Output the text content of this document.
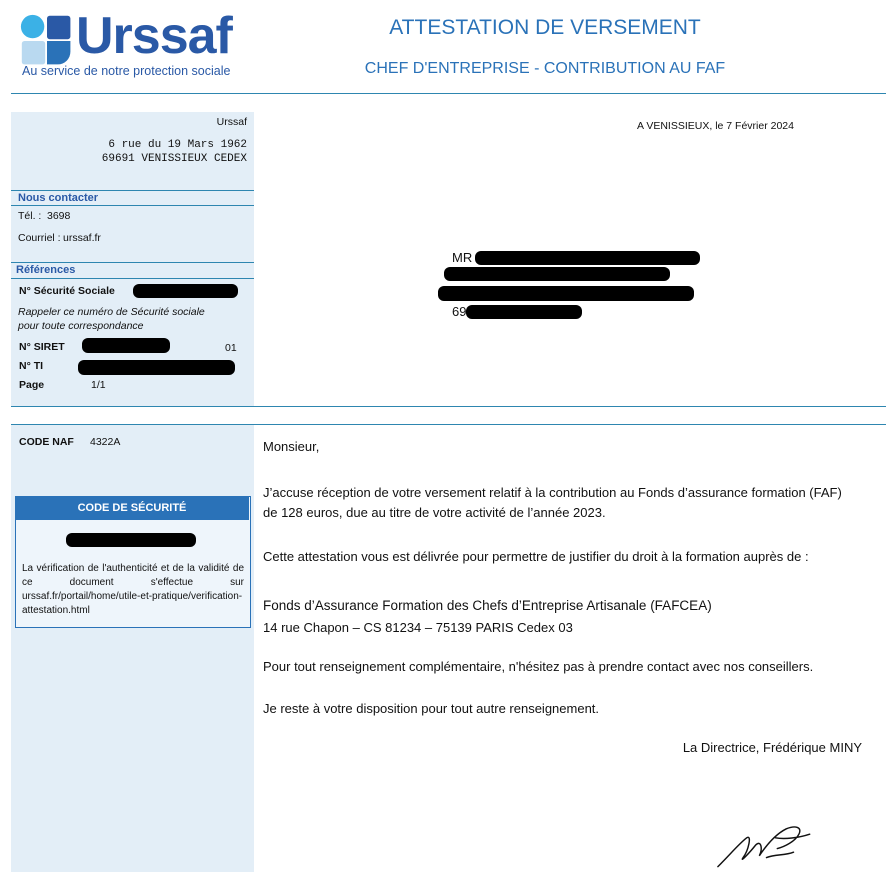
Urssaf
Au service de notre protection sociale
ATTESTATION DE VERSEMENT
CHEF D'ENTREPRISE - CONTRIBUTION AU FAF
Urssaf
6 rue du 19 Mars 1962
69691 VENISSIEUX CEDEX
Nous contacter
Tél. : 3698
Courriel : urssaf.fr
Références
N° Sécurité Sociale
Rappeler ce numéro de Sécurité sociale
pour toute correspondance
N° SIRET	01
N° TI
Page	1/1
CODE NAF 4322A
CODE DE SÉCURITÉ
La vérification de l'authenticité et de la validité de ce document s'effectue sur urssaf.fr/portail/home/utile-et-pratique/verification-attestation.html
A VENISSIEUX, le 7 Février 2024
MR
69
Monsieur,
J’accuse réception de votre versement relatif à la contribution au Fonds d’assurance formation (FAF)
de 128 euros, due au titre de votre activité de l’année 2023.
Cette attestation vous est délivrée pour permettre de justifier du droit à la formation auprès de :
Fonds d’Assurance Formation des Chefs d’Entreprise Artisanale (FAFCEA)
14 rue Chapon – CS 81234 – 75139 PARIS Cedex 03
Pour tout renseignement complémentaire, n'hésitez pas à prendre contact avec nos conseillers.
Je reste à votre disposition pour tout autre renseignement.
La Directrice, Frédérique MINY
